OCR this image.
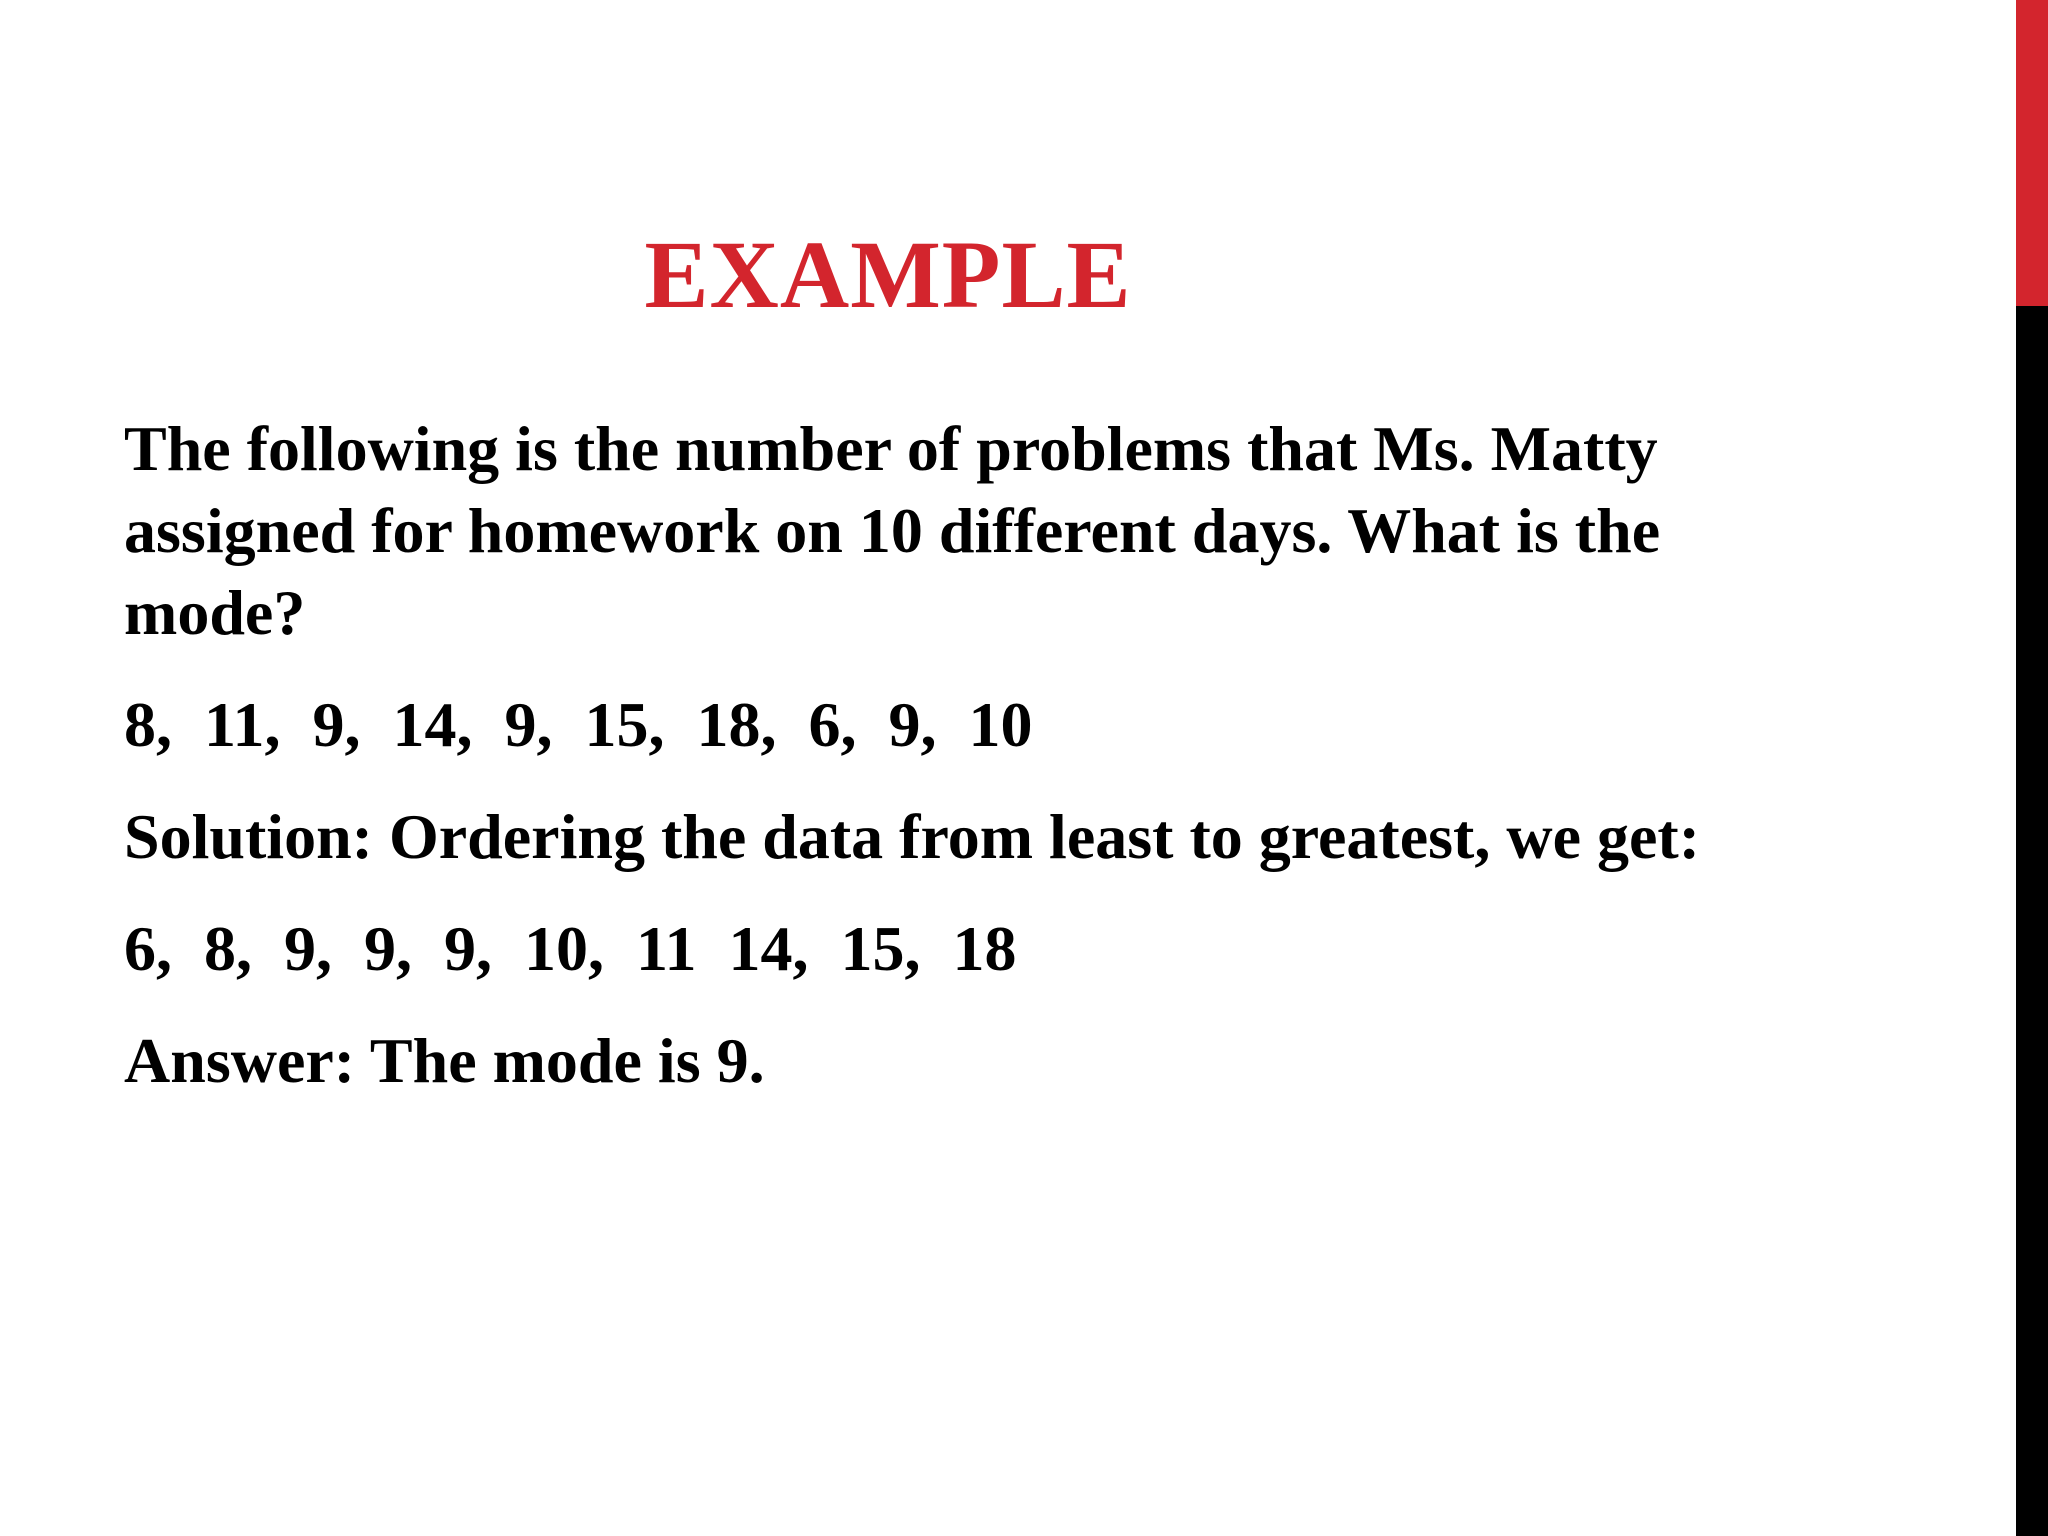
EXAMPLE

The following is the number of problems that Ms. Matty assigned for homework on 10 different days. What is the mode?

8,  11,  9,  14,  9,  15,  18,  6,  9,  10

Solution: Ordering the data from least to greatest, we get:

6,  8,  9,  9,  9,  10,  11  14,  15,  18

Answer: The mode is 9.
